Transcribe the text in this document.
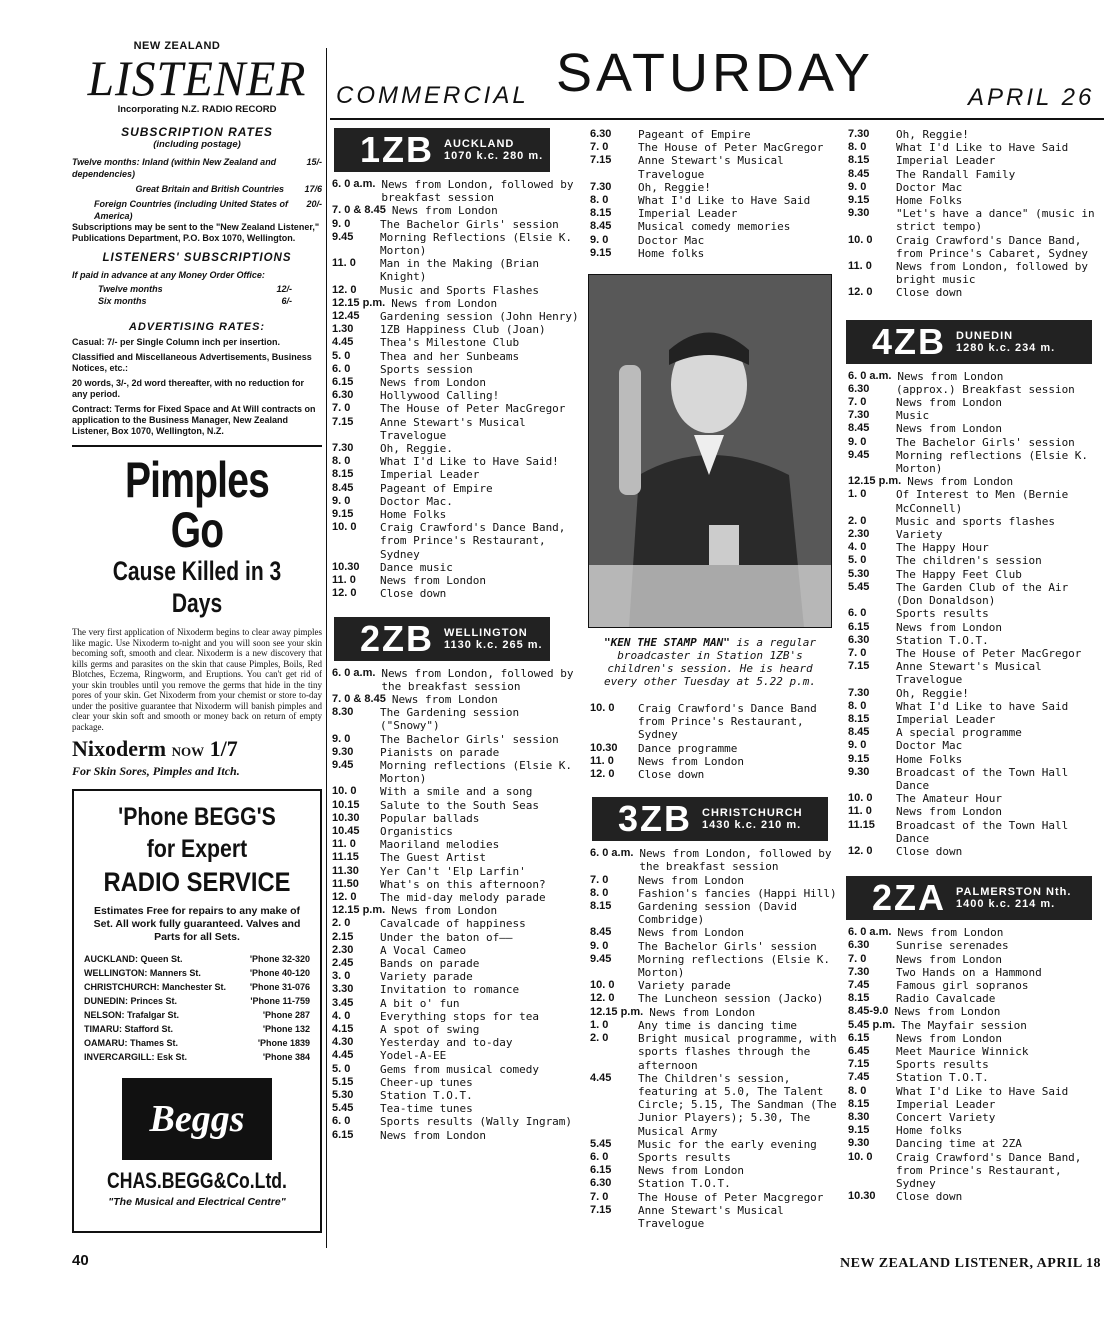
NEW ZEALAND
LISTENER
Incorporating N.Z. RADIO RECORD
SUBSCRIPTION RATES
(including postage)
Twelve months: Inland (within New Zealand and dependencies)
15/-
Great Britain and British Countries	17/6
Foreign Countries (including United States of America)
20/-
Subscriptions may be sent to the "New Zealand Listener," Publications Department, P.O. Box 1070, Wellington.
LISTENERS' SUBSCRIPTIONS
If paid in advance at any Money Order Office:
Twelve months	12/-
Six months	6/-
ADVERTISING RATES:
Casual: 7/- per Single Column inch per insertion.
Classified and Miscellaneous Advertisements, Business Notices, etc.:
20 words, 3/-, 2d word thereafter, with no reduction for any period.
Contract: Terms for Fixed Space and At Will contracts on application to the Business Manager, New Zealand Listener, Box 1070, Wellington, N.Z.
Pimples Go
Cause Killed in 3 Days
The very first application of Nixoderm begins to clear away pimples like magic. Use Nixoderm to-night and you will soon see your skin becoming soft, smooth and clear. Nixoderm is a new discovery that kills germs and parasites on the skin that cause Pimples, Boils, Red Blotches, Eczema, Ringworm, and Eruptions. You can't get rid of your skin troubles until you remove the germs that hide in the tiny pores of your skin. Get Nixoderm from your chemist or store to-day under the positive guarantee that Nixoderm will banish pimples and clear your skin soft and smooth or money back on return of empty package.
Nixoderm NOW 1/7
For Skin Sores, Pimples and Itch.
'Phone BEGG'S
for Expert
RADIO SERVICE
Estimates Free for repairs to any make of Set. All work fully guaranteed. Valves and Parts for all Sets.
AUCKLAND: Queen St.	'Phone 32-320
WELLINGTON: Manners St.	'Phone 40-120
CHRISTCHURCH: Manchester St.	'Phone 31-076
DUNEDIN: Princes St.	'Phone 11-759
NELSON: Trafalgar St.	'Phone 287
TIMARU: Stafford St.	'Phone 132
OAMARU: Thames St.	'Phone 1839
INVERCARGILL: Esk St.	'Phone 384
Beggs
CHAS.BEGG&Co.Ltd.
"The Musical and Electrical Centre"
COMMERCIAL SATURDAY	APRIL 26
1ZB AUCKLAND
1070 k.c. 280 m.
6. 0 a.m. News from London, followed by breakfast session
7. 0 & 8.45 News from London
9. 0	The Bachelor Girls' session
9.45	Morning Reflections (Elsie K. Morton)
11. 0	Man in the Making (Brian Knight)
12. 0	Music and Sports Flashes
12.15 p.m. News from London
12.45	Gardening session (John Henry)
1.30	1ZB Happiness Club (Joan)
4.45	Thea's Milestone Club
5. 0	Thea and her Sunbeams
6. 0	Sports session
6.15	News from London
6.30	Hollywood Calling!
7. 0	The House of Peter MacGregor
7.15	Anne Stewart's Musical Travelogue
7.30	Oh, Reggie.
8. 0	What I'd Like to Have Said!
8.15	Imperial Leader
8.45	Pageant of Empire
9. 0	Doctor Mac.
9.15	Home Folks
10. 0	Craig Crawford's Dance Band, from Prince's Restaurant, Sydney
10.30	Dance music
11. 0	News from London
12. 0	Close down
2ZB WELLINGTON
1130 k.c. 265 m.
6. 0 a.m. News from London, followed by the breakfast session
7. 0 & 8.45 News from London
8.30	The Gardening session ("Snowy")
9. 0	The Bachelor Girls' session
9.30	Pianists on parade
9.45	Morning reflections (Elsie K. Morton)
10. 0	With a smile and a song
10.15	Salute to the South Seas
10.30	Popular ballads
10.45	Organistics
11. 0	Maoriland melodies
11.15	The Guest Artist
11.30	Yer Can't 'Elp Larfin'
11.50	What's on this afternoon?
12. 0	The mid-day melody parade
12.15 p.m. News from London
2. 0	Cavalcade of happiness
2.15	Under the baton of——
2.30	A Vocal Cameo
2.45	Bands on parade
3. 0	Variety parade
3.30	Invitation to romance
3.45	A bit o' fun
4. 0	Everything stops for tea
4.15	A spot of swing
4.30	Yesterday and to-day
4.45	Yodel-A-EE
5. 0	Gems from musical comedy
5.15	Cheer-up tunes
5.30	Station T.O.T.
5.45	Tea-time tunes
6. 0	Sports results (Wally Ingram)
6.15	News from London
6.30	Pageant of Empire
7. 0	The House of Peter MacGregor
7.15	Anne Stewart's Musical Travelogue
7.30	Oh, Reggie!
8. 0	What I'd Like to Have Said
8.15	Imperial Leader
8.45	Musical comedy memories
9. 0	Doctor Mac
9.15	Home folks
"KEN THE STAMP MAN" is a regular broadcaster in Station 1ZB's children's session. He is heard every other Tuesday at 5.22 p.m.
10. 0	Craig Crawford's Dance Band from Prince's Restaurant, Sydney
10.30	Dance programme
11. 0	News from London
12. 0	Close down
3ZB CHRISTCHURCH
1430 k.c. 210 m.
6. 0 a.m. News from London, followed by the breakfast session
7. 0	News from London
8. 0	Fashion's fancies (Happi Hill)
8.15	Gardening session (David Combridge)
8.45	News from London
9. 0	The Bachelor Girls' session
9.45	Morning reflections (Elsie K. Morton)
10. 0	Variety parade
12. 0	The Luncheon session (Jacko)
12.15 p.m. News from London
1. 0	Any time is dancing time
2. 0	Bright musical programme, with sports flashes through the afternoon
4.45	The Children's session, featuring at 5.0, The Talent Circle; 5.15, The Sandman (The Junior Players); 5.30, The Musical Army
5.45	Music for the early evening
6. 0	Sports results
6.15	News from London
6.30	Station T.O.T.
7. 0	The House of Peter Macgregor
7.15	Anne Stewart's Musical Travelogue
7.30	Oh, Reggie!
8. 0	What I'd Like to Have Said
8.15	Imperial Leader
8.45	The Randall Family
9. 0	Doctor Mac
9.15	Home Folks
9.30	"Let's have a dance" (music in strict tempo)
10. 0	Craig Crawford's Dance Band, from Prince's Cabaret, Sydney
11. 0	News from London, followed by bright music
12. 0	Close down
4ZB DUNEDIN
1280 k.c. 234 m.
6. 0 a.m. News from London
6.30	(approx.) Breakfast session
7. 0	News from London
7.30	Music
8.45	News from London
9. 0	The Bachelor Girls' session
9.45	Morning reflections (Elsie K. Morton)
12.15 p.m. News from London
1. 0	Of Interest to Men (Bernie McConnell)
2. 0	Music and sports flashes
2.30	Variety
4. 0	The Happy Hour
5. 0	The children's session
5.30	The Happy Feet Club
5.45	The Garden Club of the Air (Don Donaldson)
6. 0	Sports results
6.15	News from London
6.30	Station T.O.T.
7. 0	The House of Peter MacGregor
7.15	Anne Stewart's Musical Travelogue
7.30	Oh, Reggie!
8. 0	What I'd Like to have Said
8.15	Imperial Leader
8.45	A special programme
9. 0	Doctor Mac
9.15	Home Folks
9.30	Broadcast of the Town Hall Dance
10. 0	The Amateur Hour
11. 0	News from London
11.15	Broadcast of the Town Hall Dance
12. 0	Close down
2ZA PALMERSTON Nth.
1400 k.c. 214 m.
6. 0 a.m. News from London
6.30	Sunrise serenades
7. 0	News from London
7.30	Two Hands on a Hammond
7.45	Famous girl sopranos
8.15	Radio Cavalcade
8.45-9.0 News from London
5.45 p.m. The Mayfair session
6.15	News from London
6.45	Meet Maurice Winnick
7.15	Sports results
7.45	Station T.O.T.
8. 0	What I'd Like to Have Said
8.15	Imperial Leader
8.30	Concert Variety
9.15	Home folks
9.30	Dancing time at 2ZA
10. 0	Craig Crawford's Dance Band, from Prince's Restaurant, Sydney
10.30	Close down
40	NEW ZEALAND LISTENER, APRIL 18
